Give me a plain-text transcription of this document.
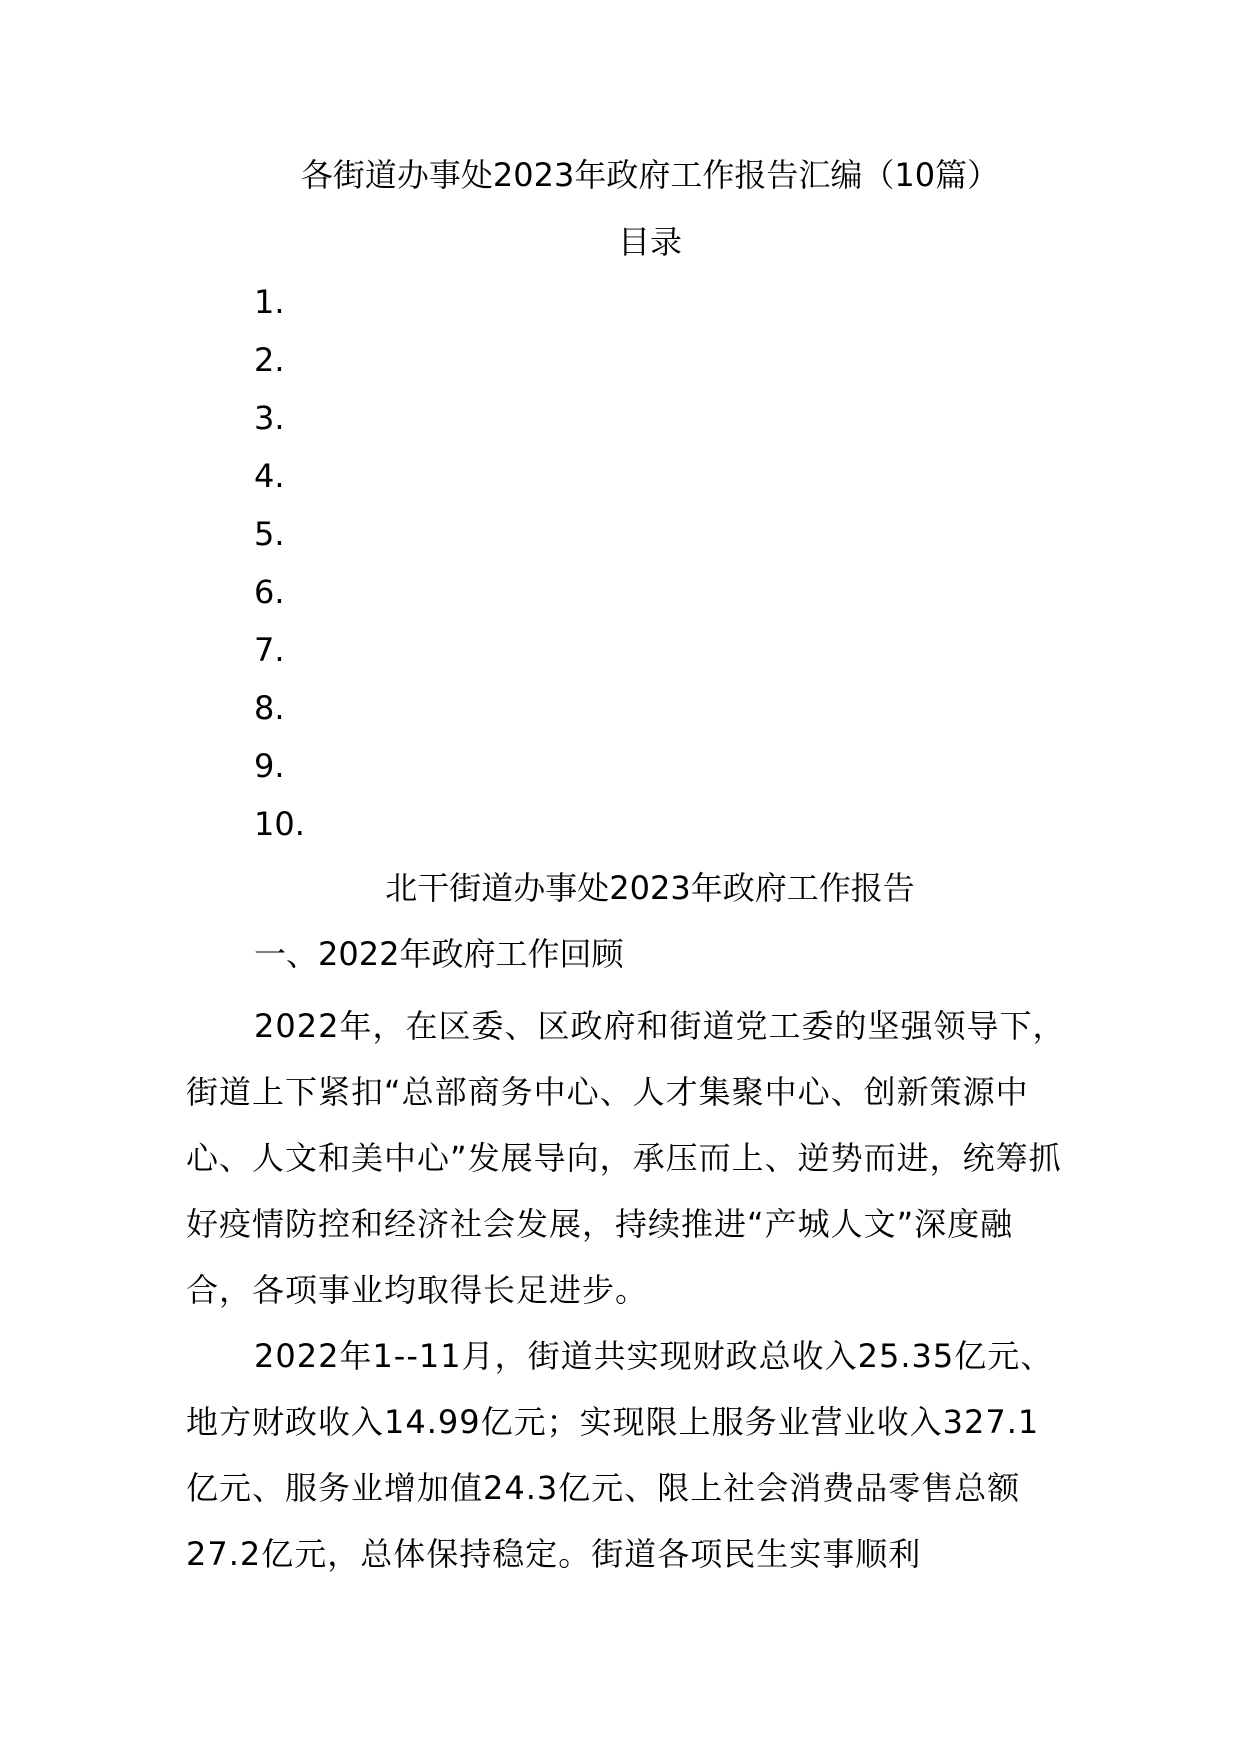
各街道办事处2023年政府工作报告汇编（10篇）
目录
1.
2.
3.
4.
5.
6.
7.
8.
9.
10.
北干街道办事处2023年政府工作报告
一、2022年政府工作回顾

2022年，在区委、区政府和街道党工委的坚强领导下，街道上下紧扣“总部商务中心、人才集聚中心、创新策源中心、人文和美中心”发展导向，承压而上、逆势而进，统筹抓好疫情防控和经济社会发展，持续推进“产城人文”深度融合，各项事业均取得长足进步。

2022年1--11月，街道共实现财政总收入25.35亿元、地方财政收入14.99亿元；实现限上服务业营业收入327.1亿元、服务业增加值24.3亿元、限上社会消费品零售总额27.2亿元，总体保持稳定。街道各项民生实事顺利
